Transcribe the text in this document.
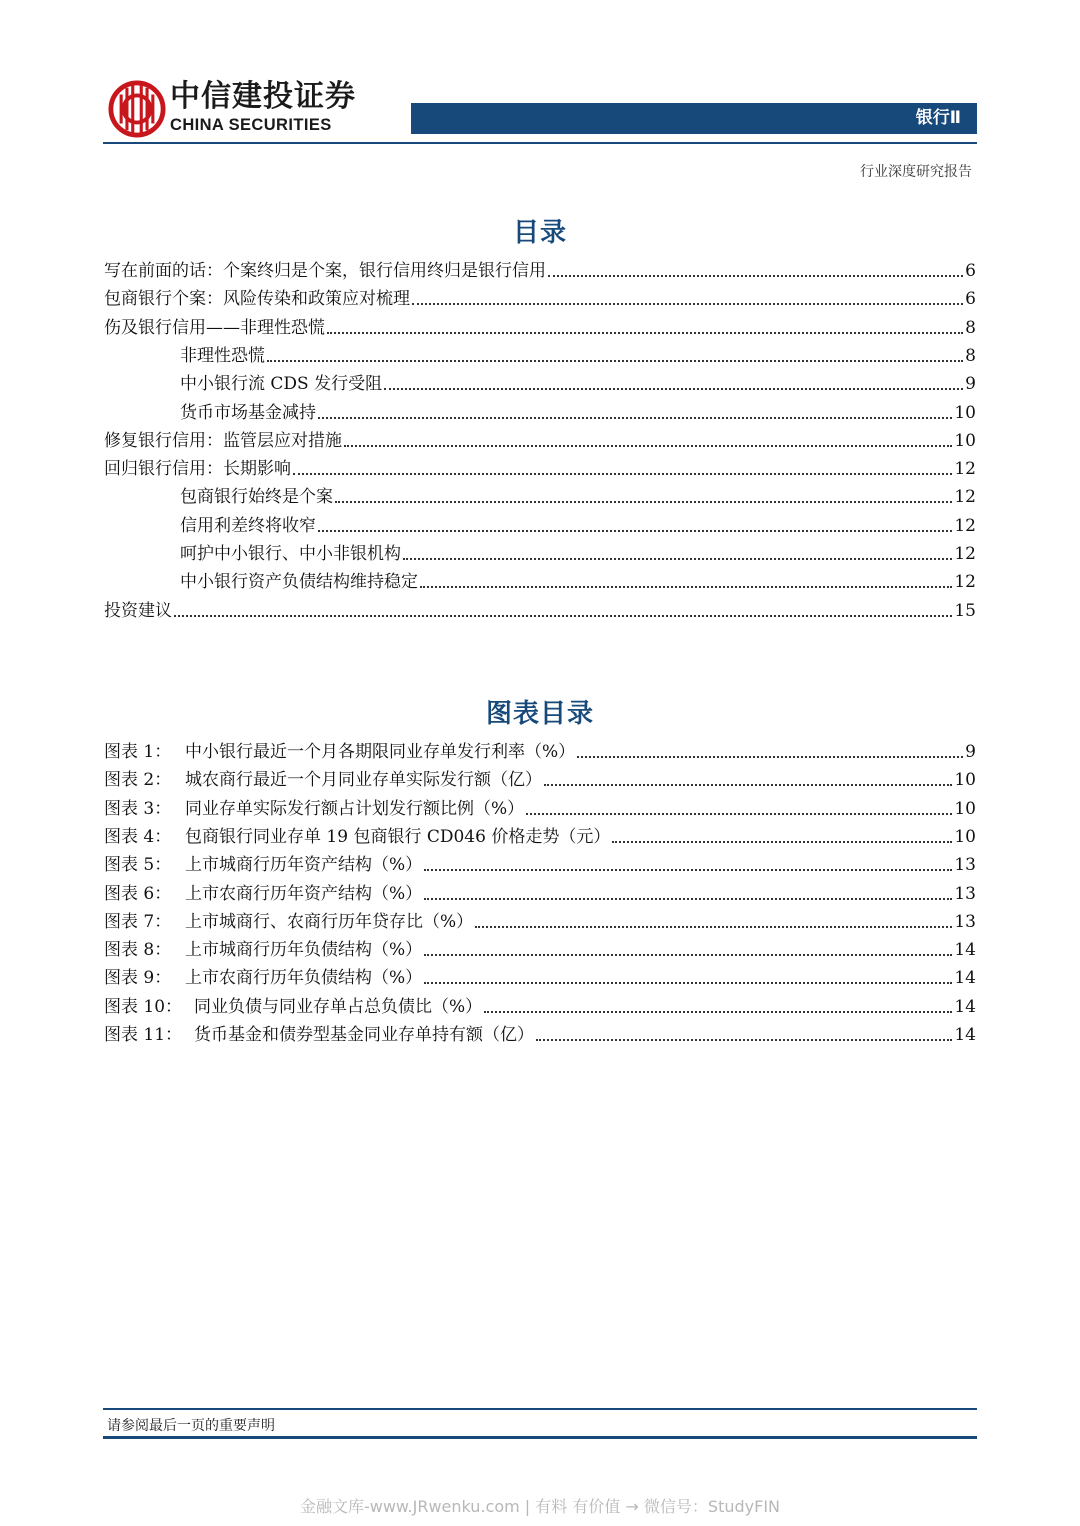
中信建投证券
CHINA SECURITIES	银行Ⅱ
行业深度研究报告
目录
写在前面的话：个案终归是个案，银行信用终归是银行信用	6
包商银行个案：风险传染和政策应对梳理	6
伤及银行信用——非理性恐慌	8
非理性恐慌	8
中小银行流 CDS 发行受阻	9
货币市场基金减持	10
修复银行信用：监管层应对措施	10
回归银行信用：长期影响	12
包商银行始终是个案	12
信用利差终将收窄	12
呵护中小银行、中小非银机构	12
中小银行资产负债结构维持稳定	12
投资建议	15
图表目录
图表 1： 中小银行最近一个月各期限同业存单发行利率（%）	9
图表 2： 城农商行最近一个月同业存单实际发行额（亿）	10
图表 3： 同业存单实际发行额占计划发行额比例（%）	10
图表 4： 包商银行同业存单 19 包商银行 CD046 价格走势（元）	10
图表 5： 上市城商行历年资产结构（%）	13
图表 6： 上市农商行历年资产结构（%）	13
图表 7： 上市城商行、农商行历年贷存比（%）	13
图表 8： 上市城商行历年负债结构（%）	14
图表 9： 上市农商行历年负债结构（%）	14
图表 10： 同业负债与同业存单占总负债比（%）	14
图表 11： 货币基金和债券型基金同业存单持有额（亿）	14
请参阅最后一页的重要声明
金融文库-www.JRwenku.com | 有料 有价值 → 微信号：StudyFIN
